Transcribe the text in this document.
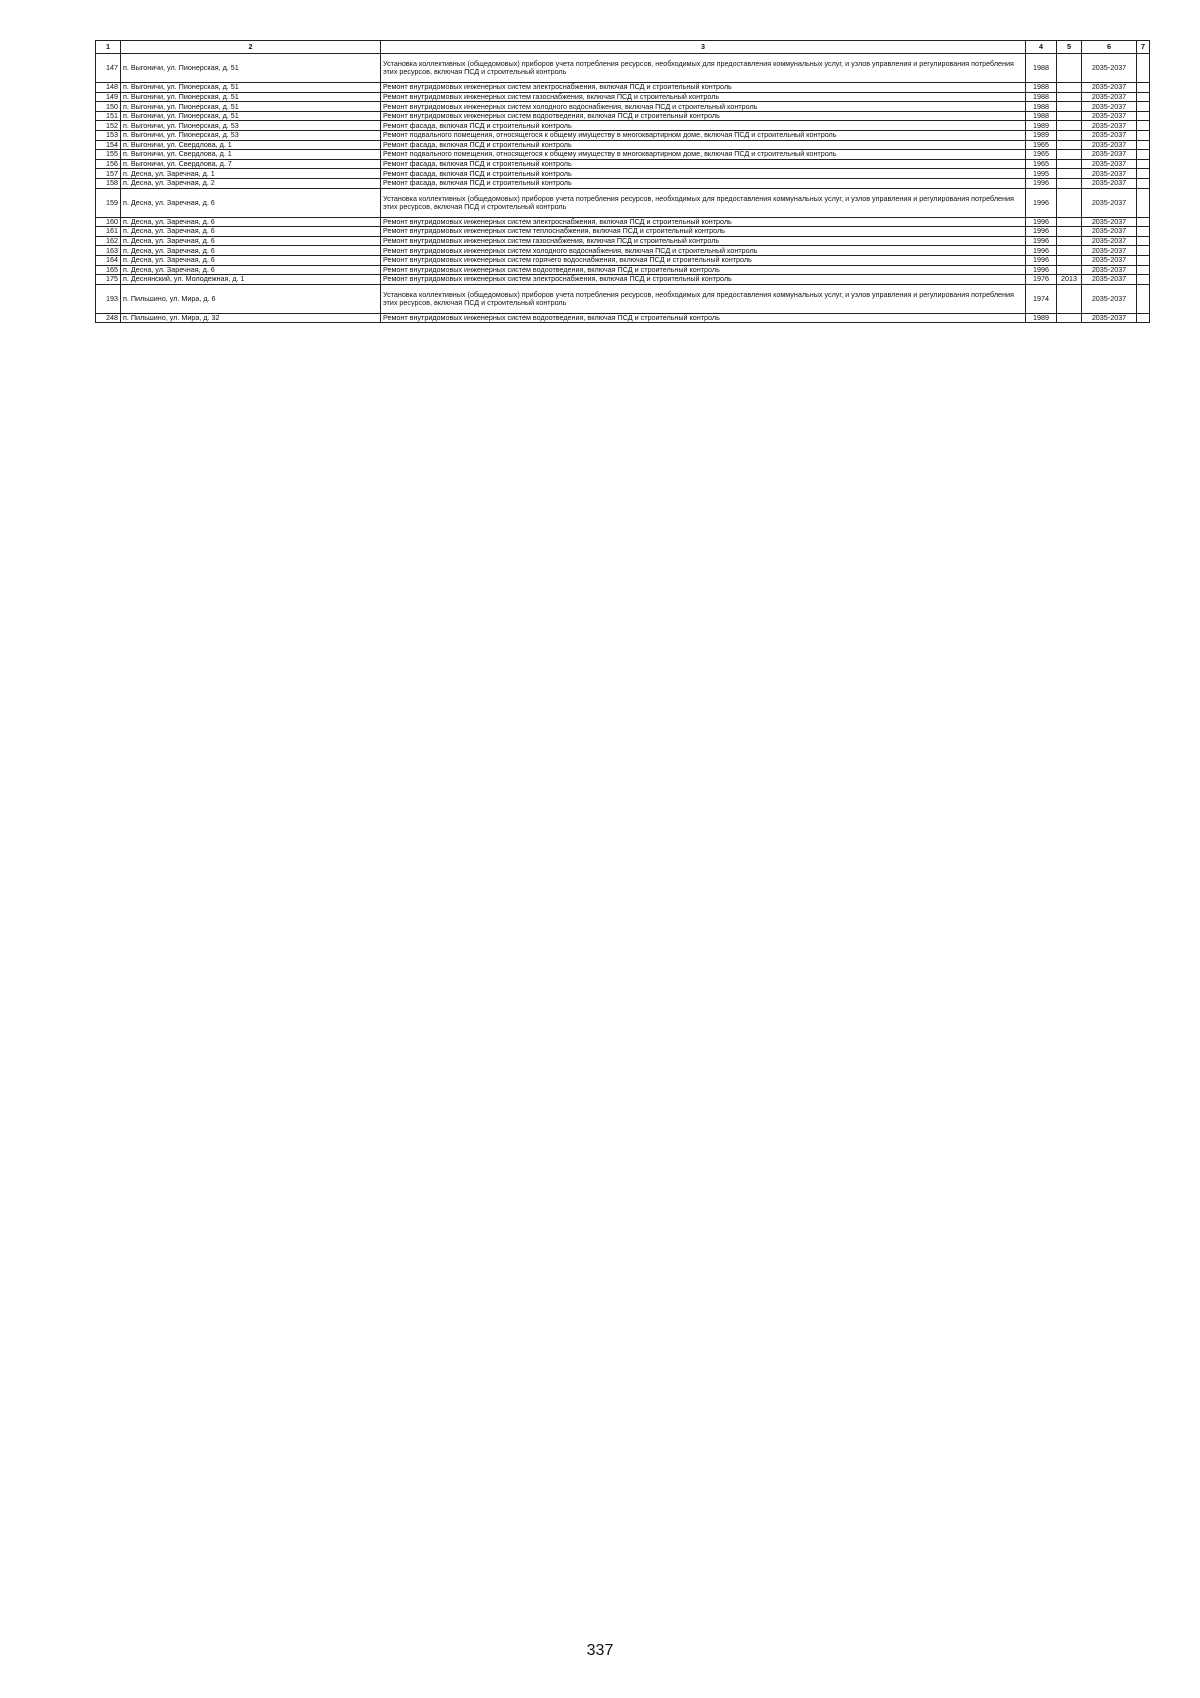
1	2	3	4	5	6	7
147	п. Выгоничи, ул. Пионерская, д. 51	Установка коллективных (общедомовых) приборов учета потребления ресурсов, необходимых для предоставления коммунальных услуг, и узлов управления и регулирования потребления этих ресурсов, включая ПСД и строительный контроль	1988		2035-2037	
148	п. Выгоничи, ул. Пионерская, д. 51	Ремонт внутридомовых инженерных систем электроснабжения, включая ПСД и строительный контроль	1988		2035-2037	
149	п. Выгоничи, ул. Пионерская, д. 51	Ремонт внутридомовых инженерных систем газоснабжения, включая ПСД и строительный контроль	1988		2035-2037	
150	п. Выгоничи, ул. Пионерская, д. 51	Ремонт внутридомовых инженерных систем холодного водоснабжения, включая ПСД и строительный контроль	1988		2035-2037	
151	п. Выгоничи, ул. Пионерская, д. 51	Ремонт внутридомовых инженерных систем водоотведения, включая ПСД и строительный контроль	1988		2035-2037	
152	п. Выгоничи, ул. Пионерская, д. 53	Ремонт фасада, включая ПСД и строительный контроль	1989		2035-2037	
153	п. Выгоничи, ул. Пионерская, д. 53	Ремонт подвального помещения, относящегося к общему имуществу в многоквартирном доме, включая ПСД и строительный контроль	1989		2035-2037	
154	п. Выгоничи, ул. Свердлова, д. 1	Ремонт фасада, включая ПСД и строительный контроль	1965		2035-2037	
155	п. Выгоничи, ул. Свердлова, д. 1	Ремонт подвального помещения, относящегося к общему имуществу в многоквартирном доме, включая ПСД и строительный контроль	1965		2035-2037	
156	п. Выгоничи, ул. Свердлова, д. 7	Ремонт фасада, включая ПСД и строительный контроль	1965		2035-2037	
157	п. Десна, ул. Заречная, д. 1	Ремонт фасада, включая ПСД и строительный контроль	1995		2035-2037	
158	п. Десна, ул. Заречная, д. 2	Ремонт фасада, включая ПСД и строительный контроль	1996		2035-2037	
159	п. Десна, ул. Заречная, д. 6	Установка коллективных (общедомовых) приборов учета потребления ресурсов, необходимых для предоставления коммунальных услуг, и узлов управления и регулирования потребления этих ресурсов, включая ПСД и строительный контроль	1996		2035-2037	
160	п. Десна, ул. Заречная, д. 6	Ремонт внутридомовых инженерных систем электроснабжения, включая ПСД и строительный контроль	1996		2035-2037	
161	п. Десна, ул. Заречная, д. 6	Ремонт внутридомовых инженерных систем теплоснабжения, включая ПСД и строительный контроль	1996		2035-2037	
162	п. Десна, ул. Заречная, д. 6	Ремонт внутридомовых инженерных систем газоснабжения, включая ПСД и строительный контроль	1996		2035-2037	
163	п. Десна, ул. Заречная, д. 6	Ремонт внутридомовых инженерных систем холодного водоснабжения, включая ПСД и строительный контроль	1996		2035-2037	
164	п. Десна, ул. Заречная, д. 6	Ремонт внутридомовых инженерных систем горячего водоснабжения, включая ПСД и строительный контроль	1996		2035-2037	
165	п. Десна, ул. Заречная, д. 6	Ремонт внутридомовых инженерных систем водоотведения, включая ПСД и строительный контроль	1996		2035-2037	
175	п. Деснянский, ул. Молодежная, д. 1	Ремонт внутридомовых инженерных систем электроснабжения, включая ПСД и строительный контроль	1976	2013	2035-2037	
193	п. Пильшино, ул. Мира, д. 6	Установка коллективных (общедомовых) приборов учета потребления ресурсов, необходимых для предоставления коммунальных услуг, и узлов управления и регулирования потребления этих ресурсов, включая ПСД и строительный контроль	1974		2035-2037	
248	п. Пильшино, ул. Мира, д. 32	Ремонт внутридомовых инженерных систем водоотведения, включая ПСД и строительный контроль	1989		2035-2037	
337
